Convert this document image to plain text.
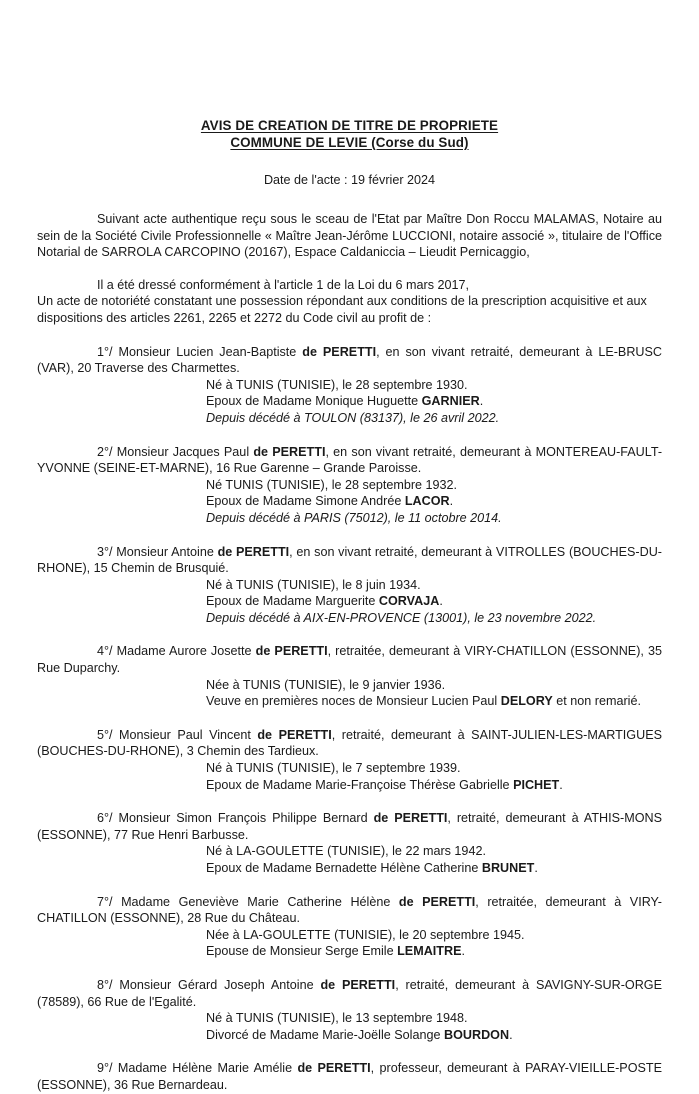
AVIS DE CREATION DE TITRE DE PROPRIETE
COMMUNE DE LEVIE (Corse du Sud)
Date de l'acte : 19 février 2024

Suivant acte authentique reçu sous le sceau de l'Etat par Maître Don Roccu MALAMAS, Notaire au sein de la Société Civile Professionnelle « Maître Jean-Jérôme LUCCIONI, notaire associé », titulaire de l'Office Notarial de SARROLA CARCOPINO (20167), Espace Caldaniccia – Lieudit Pernicaggio,

Il a été dressé conformément à l'article 1 de la Loi du 6 mars 2017,
Un acte de notoriété constatant une possession répondant aux conditions de la prescription acquisitive et aux dispositions des articles 2261, 2265 et 2272 du Code civil au profit de :
1°/ Monsieur Lucien Jean-Baptiste de PERETTI, en son vivant retraité, demeurant à LE-BRUSC (VAR), 20 Traverse des Charmettes.
Né à TUNIS (TUNISIE), le 28 septembre 1930.
Epoux de Madame Monique Huguette GARNIER.
Depuis décédé à TOULON (83137), le 26 avril 2022.
2°/ Monsieur Jacques Paul de PERETTI, en son vivant retraité, demeurant à MONTEREAU-FAULT-YVONNE (SEINE-ET-MARNE), 16 Rue Garenne – Grande Paroisse.
Né TUNIS (TUNISIE), le 28 septembre 1932.
Epoux de Madame Simone Andrée LACOR.
Depuis décédé à PARIS (75012), le 11 octobre 2014.
3°/ Monsieur Antoine de PERETTI, en son vivant retraité, demeurant à VITROLLES (BOUCHES-DU-RHONE), 15 Chemin de Brusquié.
Né à TUNIS (TUNISIE), le 8 juin 1934.
Epoux de Madame Marguerite CORVAJA.
Depuis décédé à AIX-EN-PROVENCE (13001), le 23 novembre 2022.
4°/ Madame Aurore Josette de PERETTI, retraitée, demeurant à VIRY-CHATILLON (ESSONNE), 35 Rue Duparchy.
Née à TUNIS (TUNISIE), le 9 janvier 1936.
Veuve en premières noces de Monsieur Lucien Paul DELORY et non remarié.
5°/ Monsieur Paul Vincent de PERETTI, retraité, demeurant à SAINT-JULIEN-LES-MARTIGUES (BOUCHES-DU-RHONE), 3 Chemin des Tardieux.
Né à TUNIS (TUNISIE), le 7 septembre 1939.
Epoux de Madame Marie-Françoise Thérèse Gabrielle PICHET.
6°/ Monsieur Simon François Philippe Bernard de PERETTI, retraité, demeurant à ATHIS-MONS (ESSONNE), 77 Rue Henri Barbusse.
Né à LA-GOULETTE (TUNISIE), le 22 mars 1942.
Epoux de Madame Bernadette Hélène Catherine BRUNET.
7°/ Madame Geneviève Marie Catherine Hélène de PERETTI, retraitée, demeurant à VIRY-CHATILLON (ESSONNE), 28 Rue du Château.
Née à LA-GOULETTE (TUNISIE), le 20 septembre 1945.
Epouse de Monsieur Serge Emile LEMAITRE.
8°/ Monsieur Gérard Joseph Antoine de PERETTI, retraité, demeurant à SAVIGNY-SUR-ORGE (78589), 66 Rue de l'Egalité.
Né à TUNIS (TUNISIE), le 13 septembre 1948.
Divorcé de Madame Marie-Joëlle Solange BOURDON.
9°/ Madame Hélène Marie Amélie de PERETTI, professeur, demeurant à PARAY-VIEILLE-POSTE (ESSONNE), 36 Rue Bernardeau.
